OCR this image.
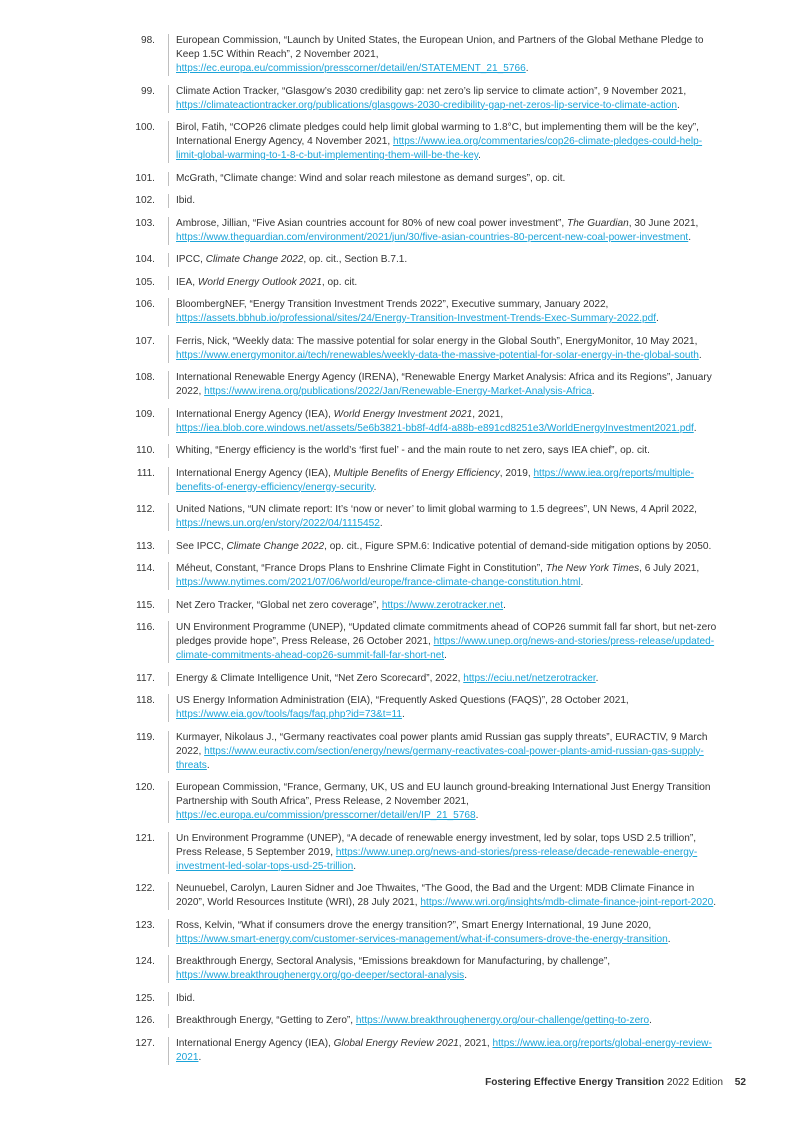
98.	European Commission, “Launch by United States, the European Union, and Partners of the Global Methane Pledge to Keep 1.5C Within Reach”, 2 November 2021, https://ec.europa.eu/commission/presscorner/detail/en/STATEMENT_21_5766.
99.	Climate Action Tracker, “Glasgow’s 2030 credibility gap: net zero’s lip service to climate action”, 9 November 2021, https://climateactiontracker.org/publications/glasgows-2030-credibility-gap-net-zeros-lip-service-to-climate-action.
100.	Birol, Fatih, “COP26 climate pledges could help limit global warming to 1.8°C, but implementing them will be the key”, International Energy Agency, 4 November 2021, https://www.iea.org/commentaries/cop26-climate-pledges-could-help-limit-global-warming-to-1-8-c-but-implementing-them-will-be-the-key.
101.	McGrath, “Climate change: Wind and solar reach milestone as demand surges”, op. cit.
102.	Ibid.
103.	Ambrose, Jillian, “Five Asian countries account for 80% of new coal power investment”, The Guardian, 30 June 2021, https://www.theguardian.com/environment/2021/jun/30/five-asian-countries-80-percent-new-coal-power-investment.
104.	IPCC, Climate Change 2022, op. cit., Section B.7.1.
105.	IEA, World Energy Outlook 2021, op. cit.
106.	BloombergNEF, “Energy Transition Investment Trends 2022”, Executive summary, January 2022, https://assets.bbhub.io/professional/sites/24/Energy-Transition-Investment-Trends-Exec-Summary-2022.pdf.
107.	Ferris, Nick, “Weekly data: The massive potential for solar energy in the Global South”, EnergyMonitor, 10 May 2021, https://www.energymonitor.ai/tech/renewables/weekly-data-the-massive-potential-for-solar-energy-in-the-global-south.
108.	International Renewable Energy Agency (IRENA), “Renewable Energy Market Analysis: Africa and its Regions”, January 2022, https://www.irena.org/publications/2022/Jan/Renewable-Energy-Market-Analysis-Africa.
109.	International Energy Agency (IEA), World Energy Investment 2021, 2021, https://iea.blob.core.windows.net/assets/5e6b3821-bb8f-4df4-a88b-e891cd8251e3/WorldEnergyInvestment2021.pdf.
110.	Whiting, “Energy efficiency is the world’s ‘first fuel’ - and the main route to net zero, says IEA chief”, op. cit.
111.	International Energy Agency (IEA), Multiple Benefits of Energy Efficiency, 2019, https://www.iea.org/reports/multiple-benefits-of-energy-efficiency/energy-security.
112.	United Nations, “UN climate report: It’s ‘now or never’ to limit global warming to 1.5 degrees”, UN News, 4 April 2022, https://news.un.org/en/story/2022/04/1115452.
113.	See IPCC, Climate Change 2022, op. cit., Figure SPM.6: Indicative potential of demand-side mitigation options by 2050.
114.	Méheut, Constant, “France Drops Plans to Enshrine Climate Fight in Constitution”, The New York Times, 6 July 2021, https://www.nytimes.com/2021/07/06/world/europe/france-climate-change-constitution.html.
115.	Net Zero Tracker, “Global net zero coverage”, https://www.zerotracker.net.
116.	UN Environment Programme (UNEP), “Updated climate commitments ahead of COP26 summit fall far short, but net-zero pledges provide hope”, Press Release, 26 October 2021, https://www.unep.org/news-and-stories/press-release/updated-climate-commitments-ahead-cop26-summit-fall-far-short-net.
117.	Energy & Climate Intelligence Unit, “Net Zero Scorecard”, 2022, https://eciu.net/netzerotracker.
118.	US Energy Information Administration (EIA), “Frequently Asked Questions (FAQS)”, 28 October 2021, https://www.eia.gov/tools/faqs/faq.php?id=73&t=11.
119.	Kurmayer, Nikolaus J., “Germany reactivates coal power plants amid Russian gas supply threats”, EURACTIV, 9 March 2022, https://www.euractiv.com/section/energy/news/germany-reactivates-coal-power-plants-amid-russian-gas-supply-threats.
120.	European Commission, “France, Germany, UK, US and EU launch ground-breaking International Just Energy Transition Partnership with South Africa”, Press Release, 2 November 2021, https://ec.europa.eu/commission/presscorner/detail/en/IP_21_5768.
121.	Un Environment Programme (UNEP), “A decade of renewable energy investment, led by solar, tops USD 2.5 trillion”, Press Release, 5 September 2019, https://www.unep.org/news-and-stories/press-release/decade-renewable-energy-investment-led-solar-tops-usd-25-trillion.
122.	Neunuebel, Carolyn, Lauren Sidner and Joe Thwaites, “The Good, the Bad and the Urgent: MDB Climate Finance in 2020”, World Resources Institute (WRI), 28 July 2021, https://www.wri.org/insights/mdb-climate-finance-joint-report-2020.
123.	Ross, Kelvin, “What if consumers drove the energy transition?”, Smart Energy International, 19 June 2020, https://www.smart-energy.com/customer-services-management/what-if-consumers-drove-the-energy-transition.
124.	Breakthrough Energy, Sectoral Analysis, “Emissions breakdown for Manufacturing, by challenge”, https://www.breakthroughenergy.org/go-deeper/sectoral-analysis.
125.	Ibid.
126.	Breakthrough Energy, “Getting to Zero”, https://www.breakthroughenergy.org/our-challenge/getting-to-zero.
127.	International Energy Agency (IEA), Global Energy Review 2021, 2021, https://www.iea.org/reports/global-energy-review-2021.
Fostering Effective Energy Transition 2022 Edition 52
